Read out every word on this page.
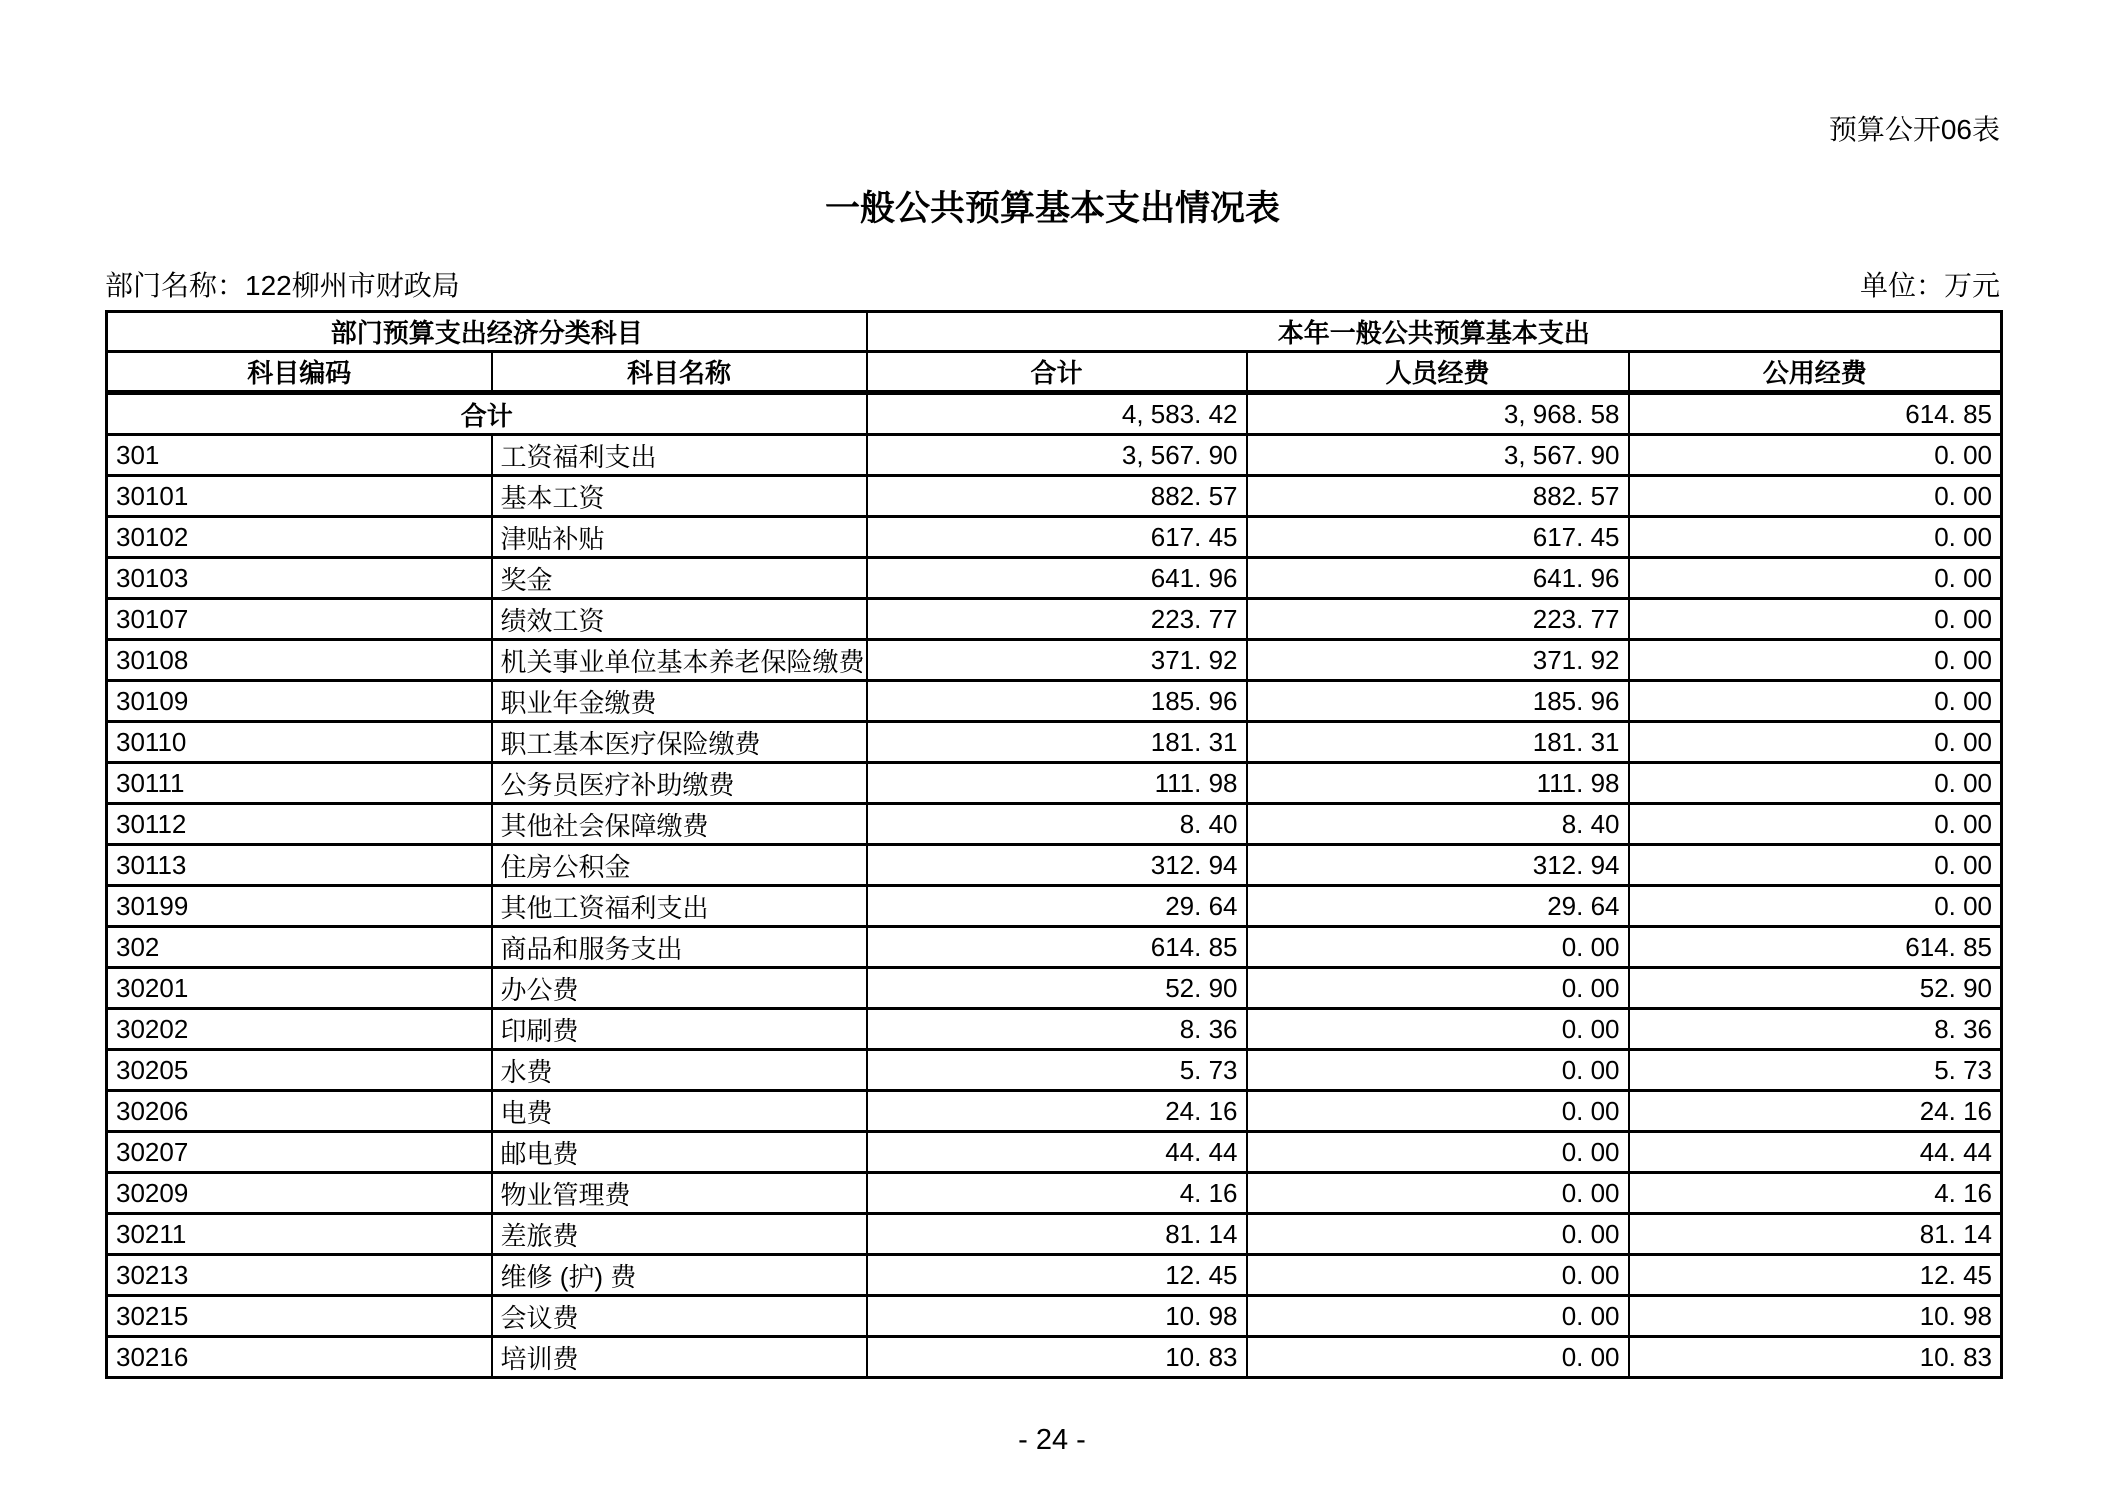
预算公开06表
一般公共预算基本支出情况表
部门名称：122柳州市财政局	单位：万元
部门预算支出经济分类科目		本年一般公共预算基本支出		
科目编码	科目名称	合计	人员经费	公用经费
合计		4, 583. 42	3, 968. 58	614. 85
301	工资福利支出	3, 567. 90	3, 567. 90	0. 00
30101	基本工资	882. 57	882. 57	0. 00
30102	津贴补贴	617. 45	617. 45	0. 00
30103	奖金	641. 96	641. 96	0. 00
30107	绩效工资	223. 77	223. 77	0. 00
30108	机关事业单位基本养老保险缴费	371. 92	371. 92	0. 00
30109	职业年金缴费	185. 96	185. 96	0. 00
30110	职工基本医疗保险缴费	181. 31	181. 31	0. 00
30111	公务员医疗补助缴费	111. 98	111. 98	0. 00
30112	其他社会保障缴费	8. 40	8. 40	0. 00
30113	住房公积金	312. 94	312. 94	0. 00
30199	其他工资福利支出	29. 64	29. 64	0. 00
302	商品和服务支出	614. 85	0. 00	614. 85
30201	办公费	52. 90	0. 00	52. 90
30202	印刷费	8. 36	0. 00	8. 36
30205	水费	5. 73	0. 00	5. 73
30206	电费	24. 16	0. 00	24. 16
30207	邮电费	44. 44	0. 00	44. 44
30209	物业管理费	4. 16	0. 00	4. 16
30211	差旅费	81. 14	0. 00	81. 14
30213	维修 (护) 费	12. 45	0. 00	12. 45
30215	会议费	10. 98	0. 00	10. 98
30216	培训费	10. 83	0. 00	10. 83
- 24 -
